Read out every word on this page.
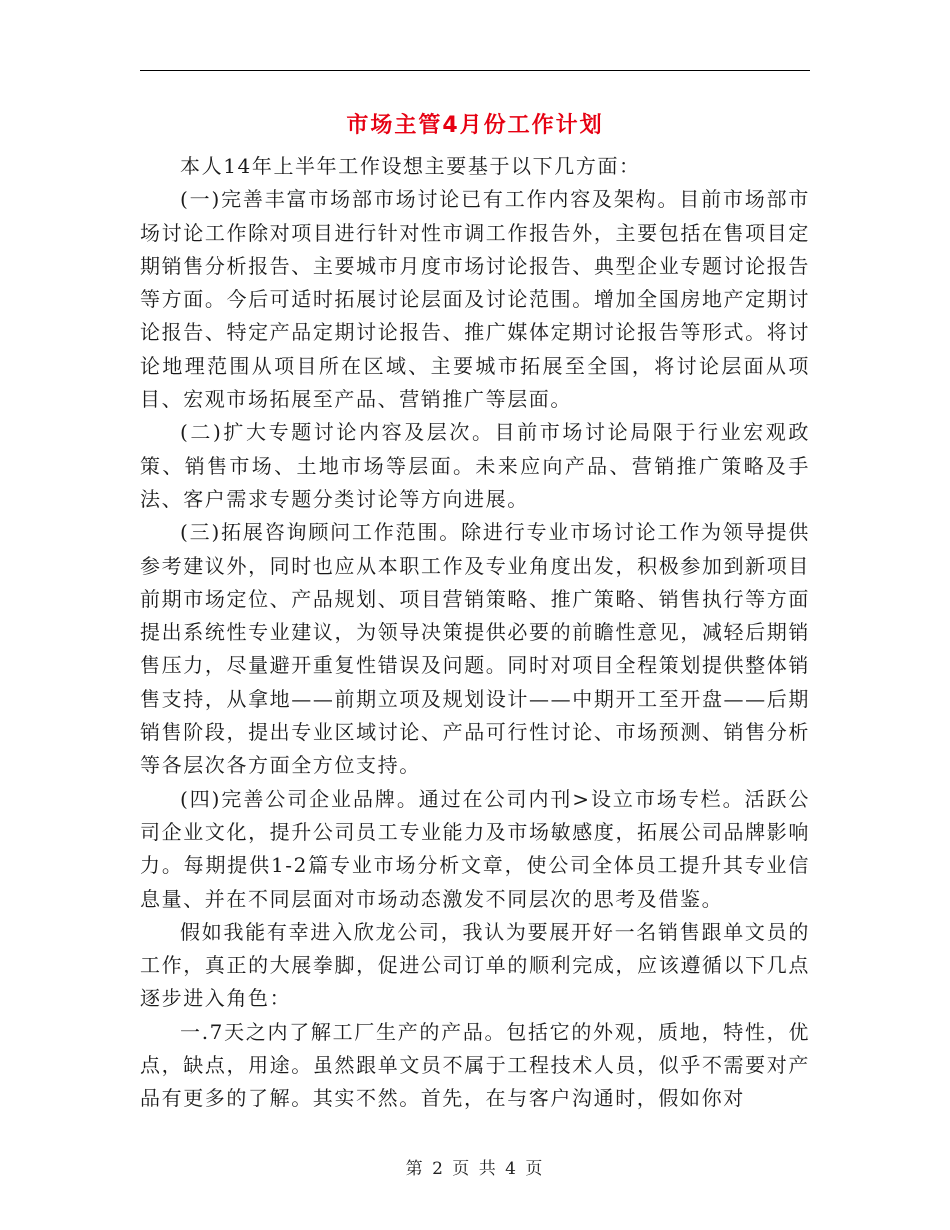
市场主管4月份工作计划

本人14年上半年工作设想主要基于以下几方面：

(一)完善丰富市场部市场讨论已有工作内容及架构。目前市场部市场讨论工作除对项目进行针对性市调工作报告外，主要包括在售项目定期销售分析报告、主要城市月度市场讨论报告、典型企业专题讨论报告等方面。今后可适时拓展讨论层面及讨论范围。增加全国房地产定期讨论报告、特定产品定期讨论报告、推广媒体定期讨论报告等形式。将讨论地理范围从项目所在区域、主要城市拓展至全国，将讨论层面从项目、宏观市场拓展至产品、营销推广等层面。

(二)扩大专题讨论内容及层次。目前市场讨论局限于行业宏观政策、销售市场、土地市场等层面。未来应向产品、营销推广策略及手法、客户需求专题分类讨论等方向进展。

(三)拓展咨询顾问工作范围。除进行专业市场讨论工作为领导提供参考建议外，同时也应从本职工作及专业角度出发，积极参加到新项目前期市场定位、产品规划、项目营销策略、推广策略、销售执行等方面提出系统性专业建议，为领导决策提供必要的前瞻性意见，减轻后期销售压力，尽量避开重复性错误及问题。同时对项目全程策划提供整体销售支持，从拿地——前期立项及规划设计——中期开工至开盘——后期销售阶段，提出专业区域讨论、产品可行性讨论、市场预测、销售分析等各层次各方面全方位支持。

(四)完善公司企业品牌。通过在公司内刊>设立市场专栏。活跃公司企业文化，提升公司员工专业能力及市场敏感度，拓展公司品牌影响力。每期提供1-2篇专业市场分析文章，使公司全体员工提升其专业信息量、并在不同层面对市场动态激发不同层次的思考及借鉴。

假如我能有幸进入欣龙公司，我认为要展开好一名销售跟单文员的工作，真正的大展拳脚，促进公司订单的顺利完成，应该遵循以下几点逐步进入角色：

一.7天之内了解工厂生产的产品。包括它的外观，质地，特性，优点，缺点，用途。虽然跟单文员不属于工程技术人员，似乎不需要对产品有更多的了解。其实不然。首先，在与客户沟通时，假如你对

第 2 页 共 4 页
